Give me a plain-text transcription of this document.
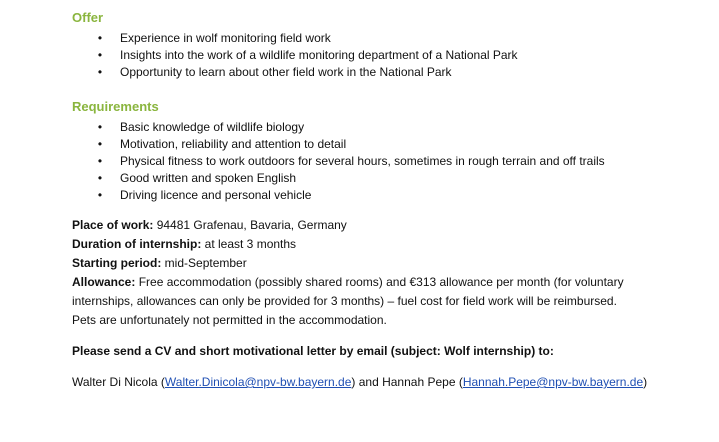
Offer
• Experience in wolf monitoring field work
• Insights into the work of a wildlife monitoring department of a National Park
• Opportunity to learn about other field work in the National Park
Requirements
• Basic knowledge of wildlife biology
• Motivation, reliability and attention to detail
• Physical fitness to work outdoors for several hours, sometimes in rough terrain and off trails
• Good written and spoken English
• Driving licence and personal vehicle
Place of work: 94481 Grafenau, Bavaria, Germany
Duration of internship: at least 3 months
Starting period: mid-September
Allowance: Free accommodation (possibly shared rooms) and €313 allowance per month (for voluntary
internships, allowances can only be provided for 3 months) – fuel cost for field work will be reimbursed.
Pets are unfortunately not permitted in the accommodation.
Please send a CV and short motivational letter by email (subject: Wolf internship) to:
Walter Di Nicola (Walter.Dinicola@npv-bw.bayern.de) and Hannah Pepe (Hannah.Pepe@npv-bw.bayern.de)
